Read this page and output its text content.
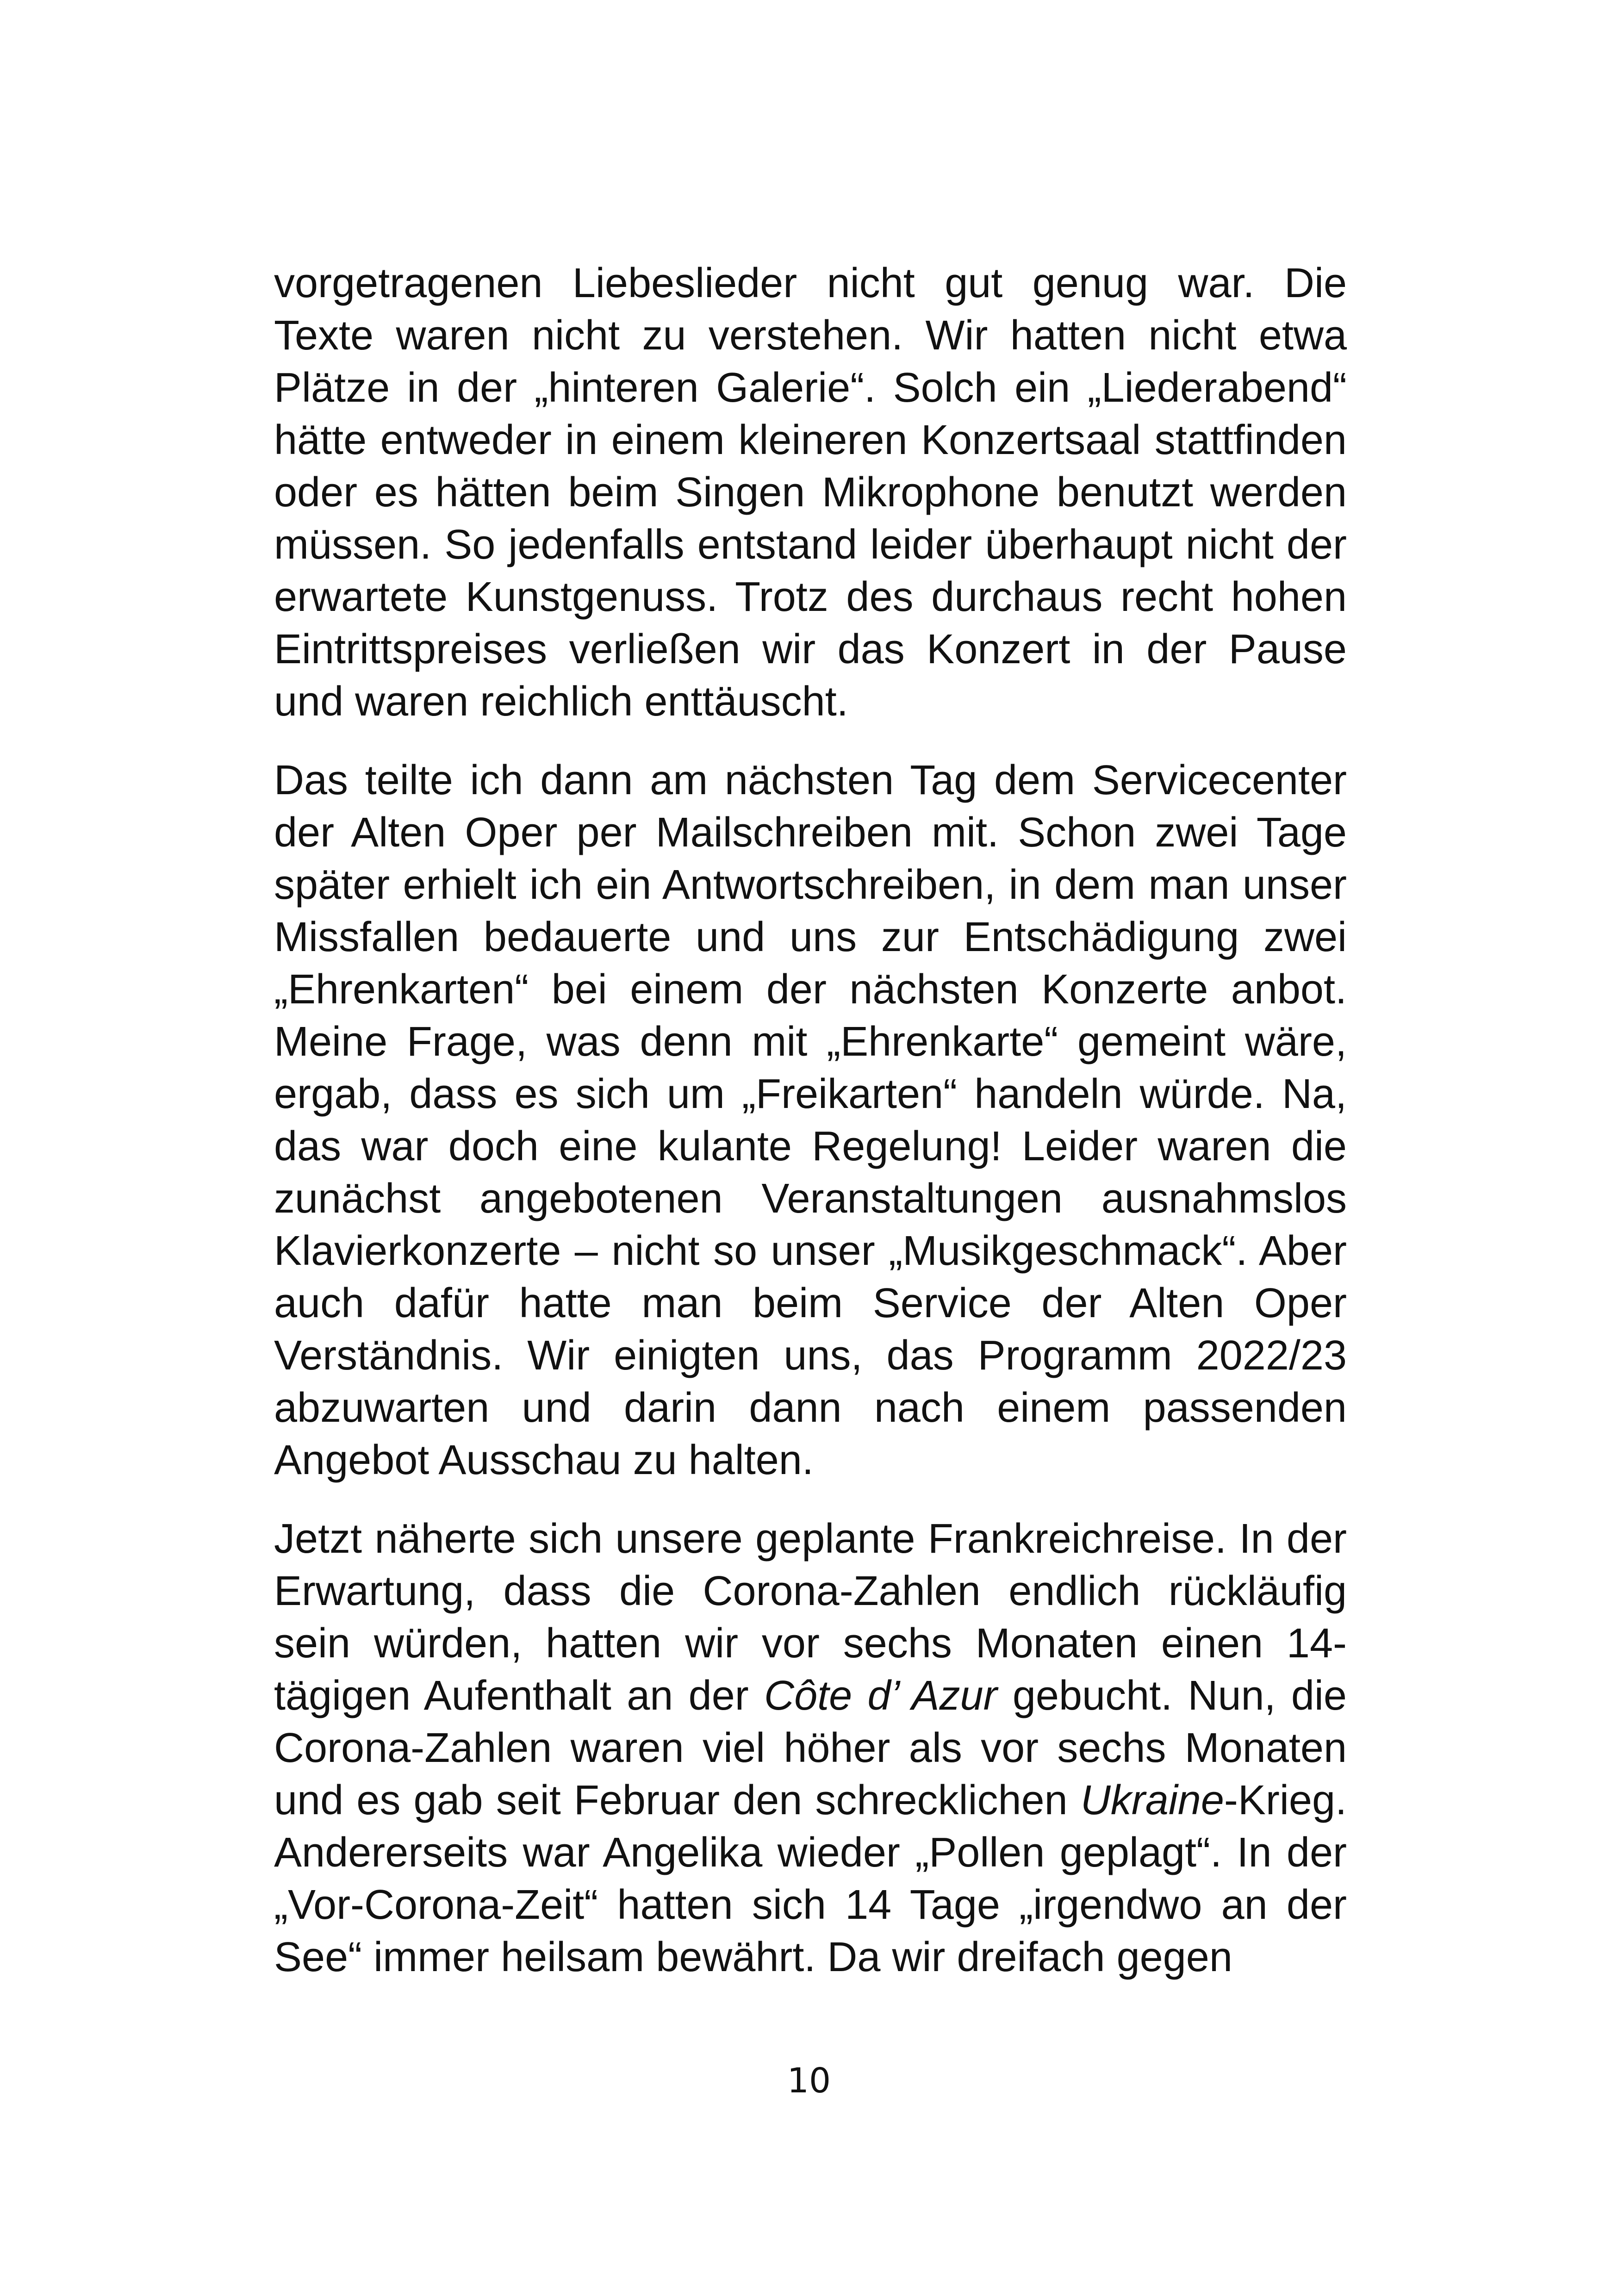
vorgetragenen Liebeslieder nicht gut genug war. Die Texte waren nicht zu verstehen. Wir hatten nicht etwa Plätze in der „hinteren Galerie“. Solch ein „Liederabend“ hätte entweder in einem kleineren Konzertsaal stattfinden oder es hätten beim Singen Mikrophone benutzt werden müssen. So jedenfalls entstand leider überhaupt nicht der erwartete Kunstgenuss. Trotz des durchaus recht hohen Eintrittspreises verließen wir das Konzert in der Pause und waren reichlich enttäuscht.

Das teilte ich dann am nächsten Tag dem Servicecenter der Alten Oper per Mailschreiben mit. Schon zwei Tage später erhielt ich ein Antwortschreiben, in dem man unser Missfallen bedauerte und uns zur Entschädigung zwei „Ehrenkarten“ bei einem der nächsten Konzerte anbot. Meine Frage, was denn mit „Ehrenkarte“ gemeint wäre, ergab, dass es sich um „Freikarten“ handeln würde. Na, das war doch eine kulante Regelung! Leider waren die zunächst angebotenen Veranstaltungen ausnahmslos Klavierkonzerte – nicht so unser „Musikgeschmack“. Aber auch dafür hatte man beim Service der Alten Oper Verständnis. Wir einigten uns, das Programm 2022/23 abzuwarten und darin dann nach einem passenden Angebot Ausschau zu halten.

Jetzt näherte sich unsere geplante Frankreichreise. In der Erwartung, dass die Corona-Zahlen endlich rückläufig sein würden, hatten wir vor sechs Monaten einen 14-tägigen Aufenthalt an der Côte d’ Azur gebucht. Nun, die Corona-Zahlen waren viel höher als vor sechs Monaten und es gab seit Februar den schrecklichen Ukraine-Krieg. Andererseits war Angelika wieder „Pollen geplagt“. In der „Vor-Corona-Zeit“ hatten sich 14 Tage „irgendwo an der See“ immer heilsam bewährt. Da wir dreifach gegen

10
